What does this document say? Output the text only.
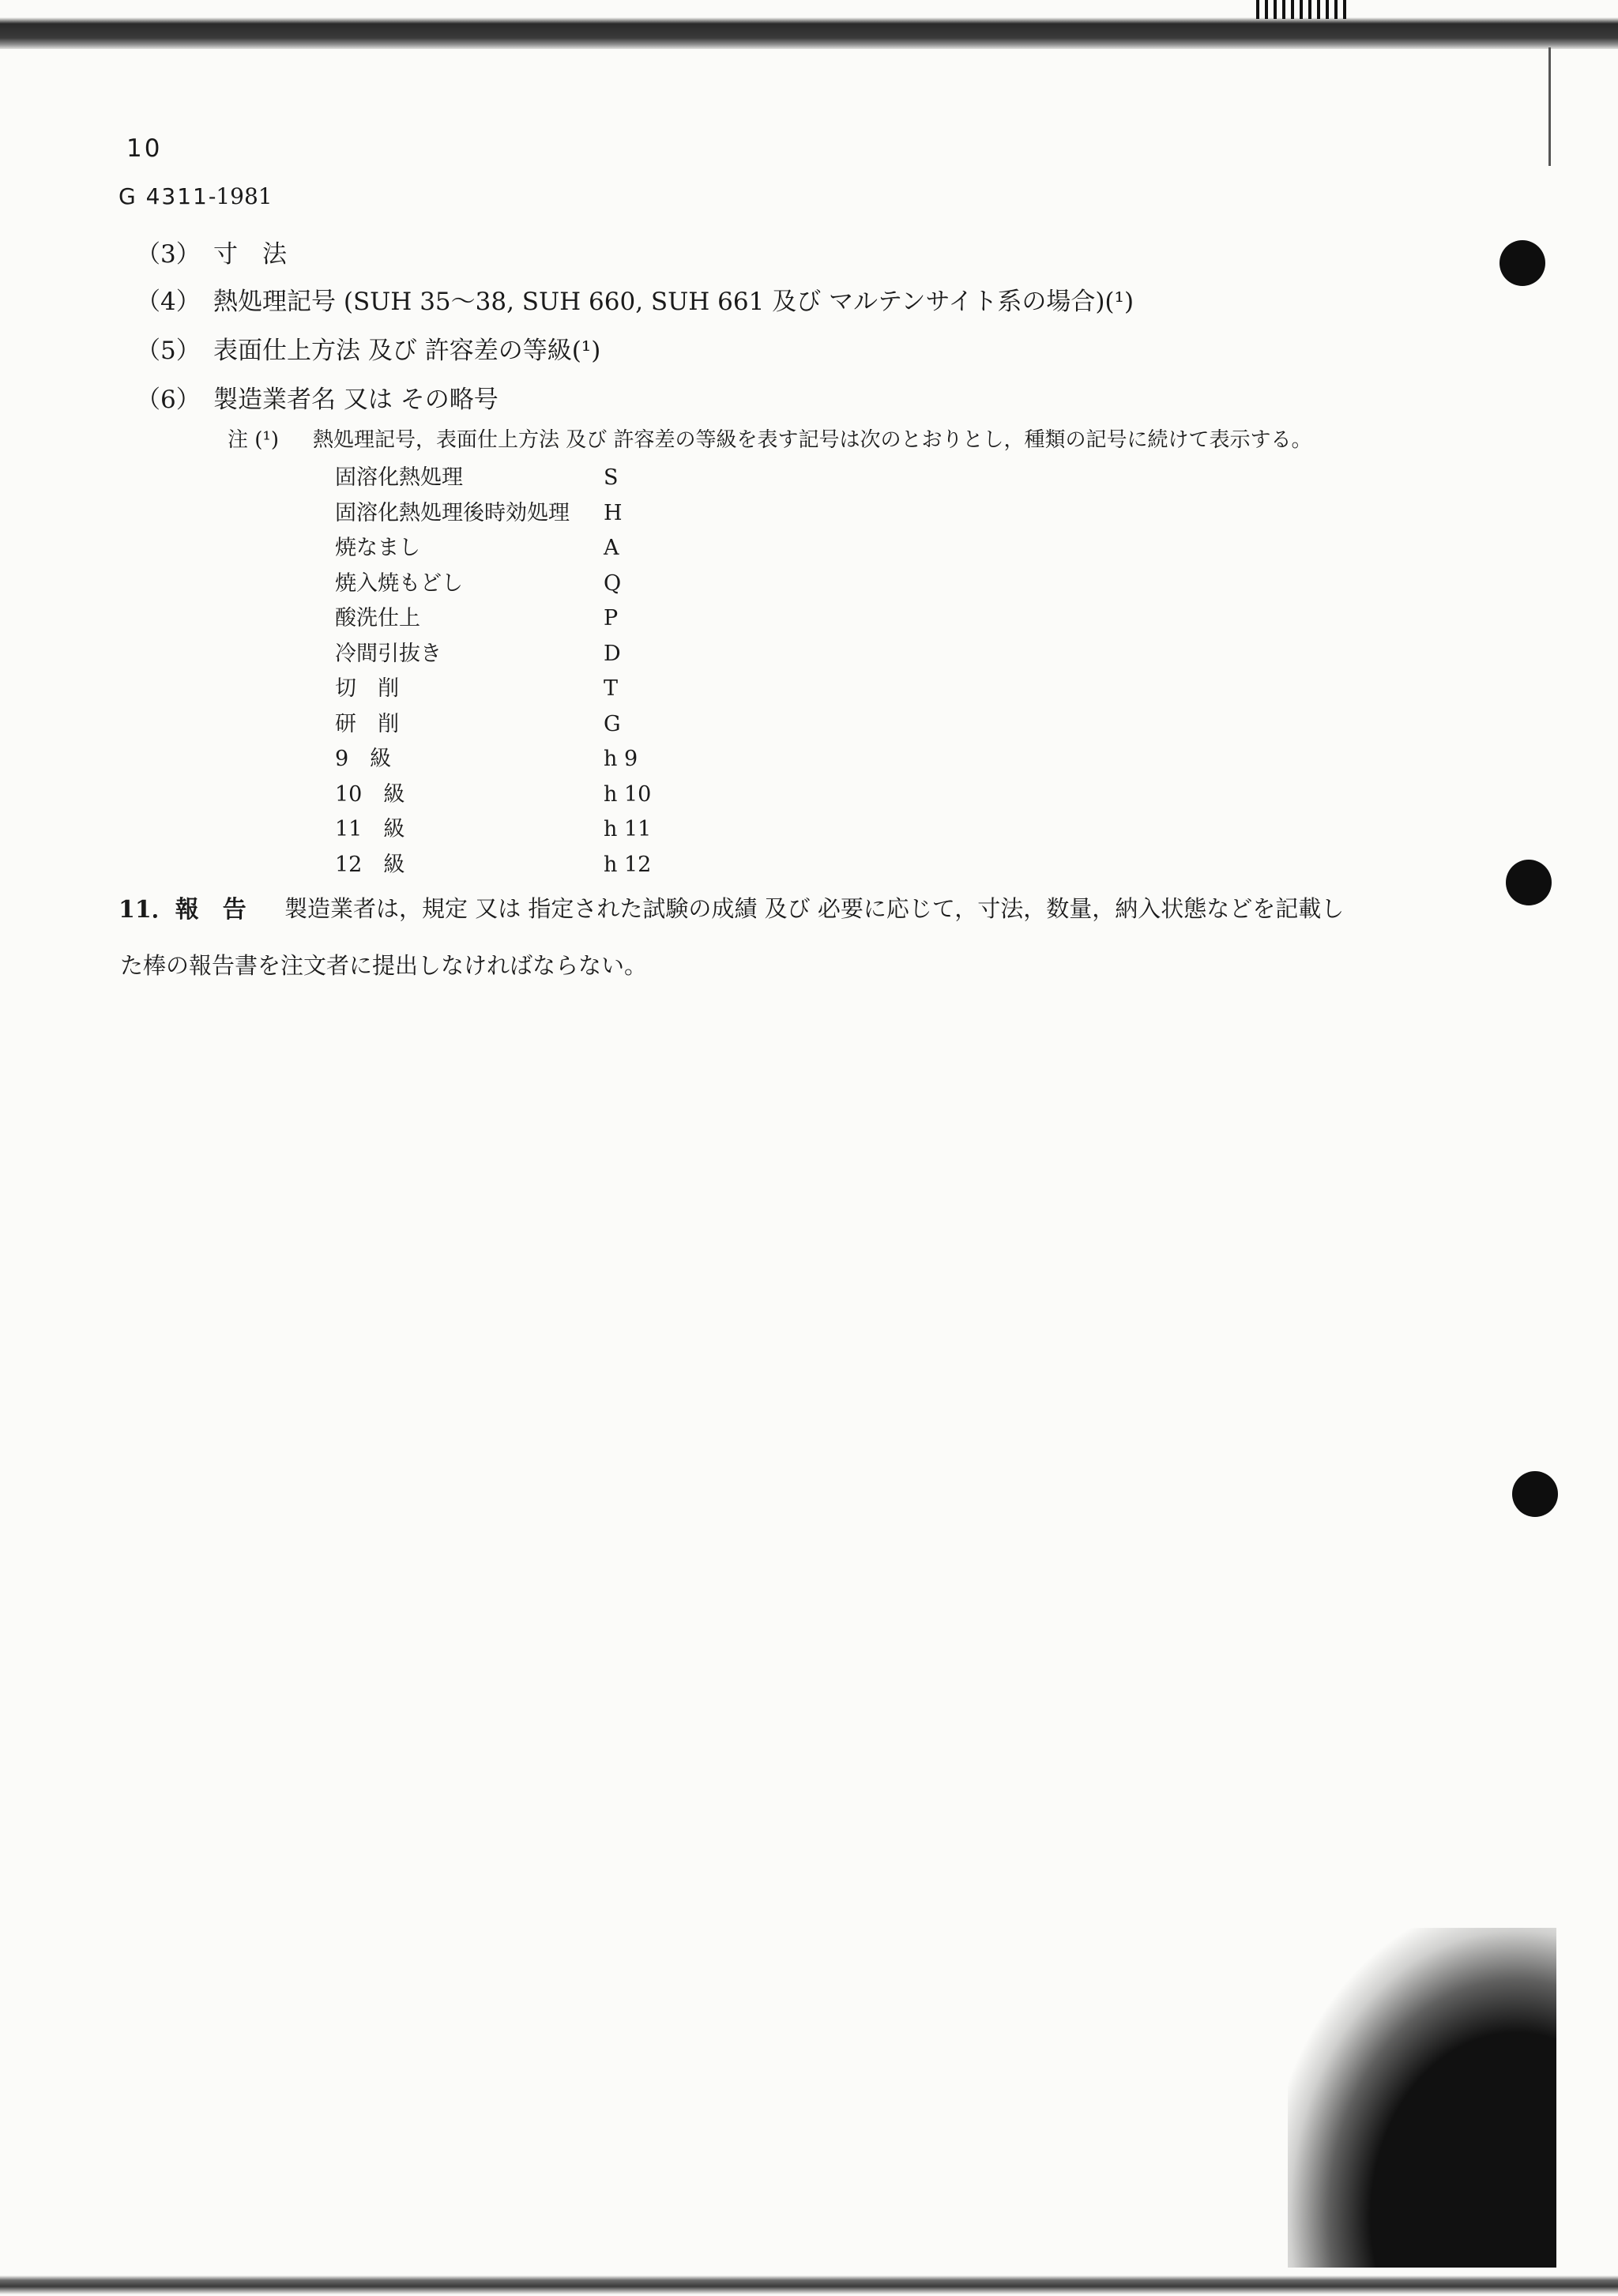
10
G 4311-1981
（3） 寸　法
（4） 熱処理記号 (SUH 35～38, SUH 660, SUH 661 及び マルテンサイト系の場合)(¹)
（5） 表面仕上方法 及び 許容差の等級(¹)
（6） 製造業者名 又は その略号
注 (¹) 熱処理記号，表面仕上方法 及び 許容差の等級を表す記号は次のとおりとし，種類の記号に続けて表示する。
固溶化熱処理	S
固溶化熱処理後時効処理 H
焼なまし	A
焼入焼もどし	Q
酸洗仕上	P
冷間引抜き	D
切　削	T
研　削	G
9　級	h 9
10　級	h 10
11　級	h 11
12　級	h 12
11．報　告 製造業者は，規定 又は 指定された試験の成績 及び 必要に応じて，寸法，数量，納入状態などを記載し
た棒の報告書を注文者に提出しなければならない。
